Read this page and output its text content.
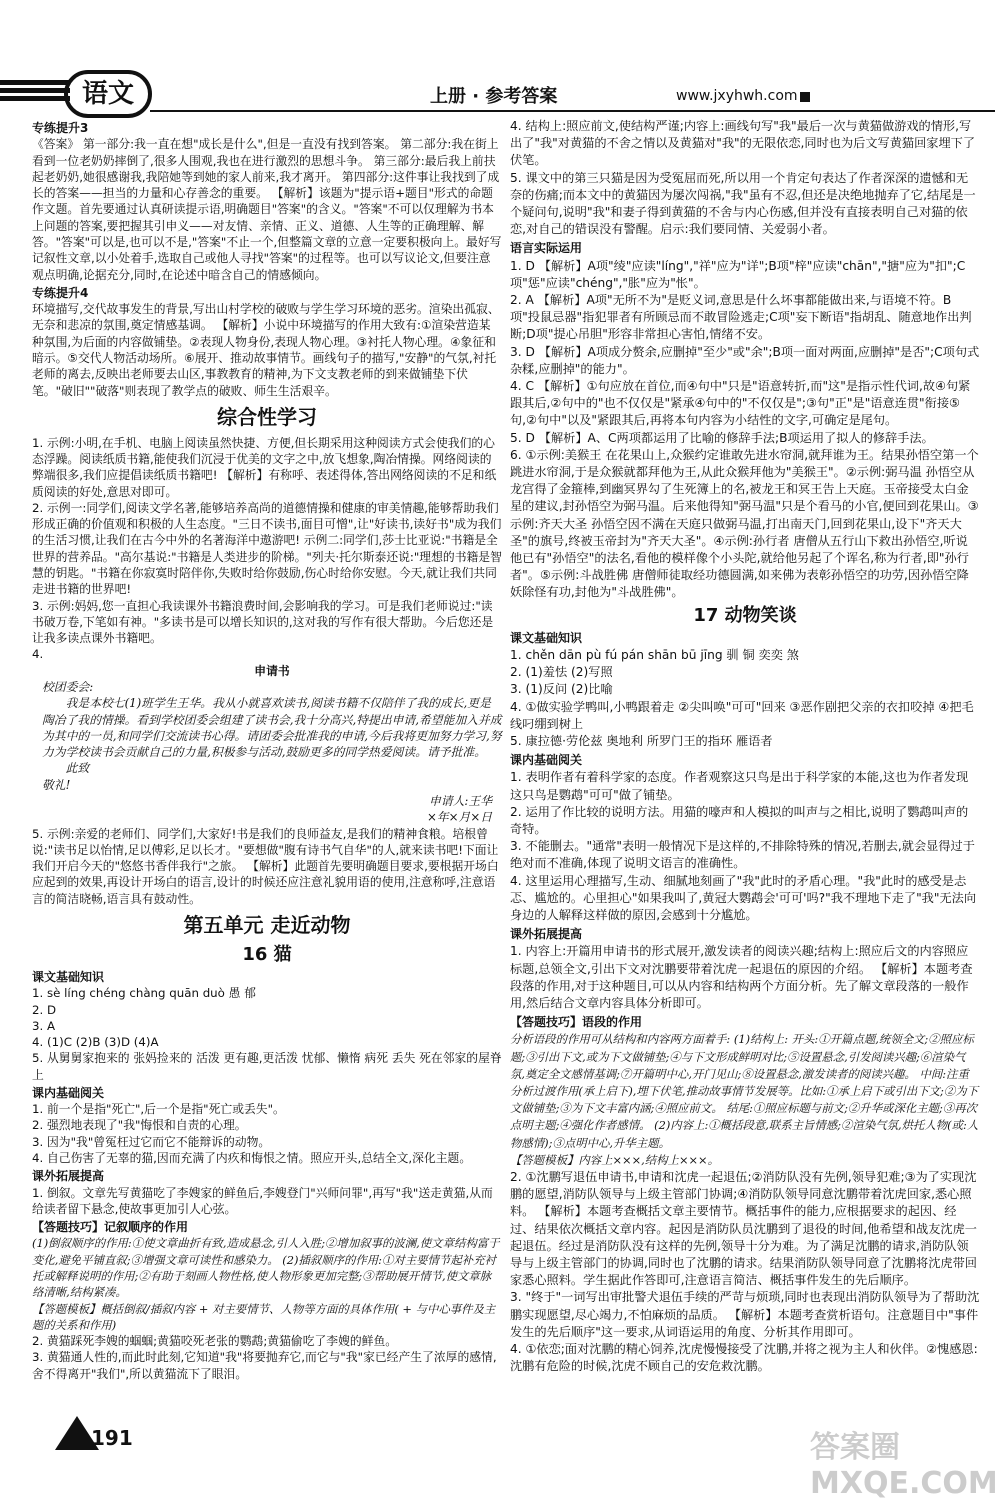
语文	上册 · 参考答案	www.jxyhwh.com

专练提升3

《答案》 第一部分:我一直在想"成长是什么",但是一直没有找到答案。 第二部分:我在街上看到一位老奶奶摔倒了,很多人围观,我也在进行激烈的思想斗争。 第三部分:最后我上前扶起老奶奶,她很感谢我,我陪她等到她的家人前来,我才离开。 第四部分:这件事让我找到了成长的答案——担当的力量和心存善念的重要。 【解析】该题为"提示语+题目"形式的命题作文题。首先要通过认真研读提示语,明确题目"答案"的含义。"答案"不可以仅理解为书本上问题的答案,要把握其引申义——对友情、亲情、正义、道德、人生等的正确理解、解答。"答案"可以是,也可以不是,"答案"不止一个,但整篇文章的立意一定要积极向上。最好写记叙性文章,以小处着手,选取自己或他人寻找"答案"的过程等。也可以写议论文,但要注意观点明确,论据充分,同时,在论述中暗含自己的情感倾向。

专练提升4

环境描写,交代故事发生的背景,写出山村学校的破败与学生学习环境的恶劣。渲染出孤寂、无奈和悲凉的氛围,奠定情感基调。 【解析】小说中环境描写的作用大致有:①渲染营造某种氛围,为后面的内容做铺垫。②表现人物身份,表现人物心理。③衬托人物心理。④象征和暗示。⑤交代人物活动场所。⑥展开、推动故事情节。画线句子的描写,"安静"的气氛,衬托老师的离去,反映出老师要去山区,事教教育的精神,为下文支教老师的到来做铺垫下伏笔。"破旧""破落"则表现了教学点的破败、师生生活艰辛。

综合性学习

1. 示例:小明,在手机、电脑上阅读虽然快捷、方便,但长期采用这种阅读方式会使我们的心态浮躁。阅读纸质书籍,能使我们沉浸于优美的文字之中,放飞想象,陶冶情操。网络阅读的弊端很多,我们应提倡读纸质书籍吧! 【解析】有称呼、表述得体,答出网络阅读的不足和纸质阅读的好处,意思对即可。

2. 示例一:同学们,阅读文学名著,能够培养高尚的道德情操和健康的审美情趣,能够帮助我们形成正确的价值观和积极的人生态度。"三日不读书,面目可憎",让"好读书,读好书"成为我们的生活习惯,让我们在古今中外的名著海洋中遨游吧! 示例二:同学们,莎士比亚说:"书籍是全世界的营养品。"高尔基说:"书籍是人类进步的阶梯。"列夫·托尔斯泰还说:"理想的书籍是智慧的钥匙。"书籍在你寂寞时陪伴你,失败时给你鼓励,伤心时给你安慰。今天,就让我们共同走进书籍的世界吧!

3. 示例:妈妈,您一直担心我读课外书籍浪费时间,会影响我的学习。可是我们老师说过:"读书破万卷,下笔如有神。"多读书是可以增长知识的,这对我的写作有很大帮助。今后您还是让我多读点课外书籍吧。

4.

申请书

校团委会:

我是本校七(1)班学生王华。我从小就喜欢读书,阅读书籍不仅陪伴了我的成长,更是陶冶了我的情操。看到学校团委会组建了读书会,我十分高兴,特提出申请,希望能加入并成为其中的一员,和同学们交流读书心得。请团委会批准我的申请,今后我将更加努力学习,努力为学校读书会贡献自己的力量,积极参与活动,鼓励更多的同学热爱阅读。请予批准。

此致

敬礼!

申请人:王华

×年×月×日

5. 示例:亲爱的老师们、同学们,大家好!书是我们的良师益友,是我们的精神食粮。培根曾说:"读书足以怡情,足以傅彩,足以长才。"要想做"腹有诗书气自华"的人,就来读书吧!下面让我们开启今天的"悠悠书香伴我行"之旅。 【解析】此题首先要明确题目要求,要根据开场白应起到的效果,再设计开场白的语言,设计的时候还应注意礼貌用语的使用,注意称呼,注意语言的简洁晓畅,语言具有鼓动性。

第五单元 走近动物

16 猫

课文基础知识

1. sè líng chéng chàng quān duò 愚 郁

2. D

3. A

4. (1)C (2)B (3)D (4)A

5. 从舅舅家抱来的 张妈捡来的 活泼 更有趣,更活泼 忧郁、懒惰 病死 丢失 死在邻家的屋脊上

课内基础阅关

1. 前一个是指"死亡",后一个是指"死亡或丢失"。

2. 强烈地表现了"我"悔恨和自责的心理。

3. 因为"我"曾冤枉过它而它不能辩诉的动物。

4. 自己伤害了无辜的猫,因而充满了内疚和悔恨之情。照应开头,总结全文,深化主题。

课外拓展提高

1. 倒叙。文章先写黄猫吃了李嫂家的鲜鱼后,李嫂登门"兴师问罪",再写"我"送走黄猫,从而给读者留下悬念,使故事更加引人心弦。

【答题技巧】记叙顺序的作用

(1)倒叙顺序的作用:①使文章曲折有致,造成悬念,引人入胜;②增加叙事的波澜,使文章结构富于变化,避免平铺直叙;③增强文章可读性和感染力。 (2)插叙顺序的作用:①对主要情节起补充衬托或解释说明的作用;②有助于刻画人物性格,使人物形象更加完整;③帮助展开情节,使文章脉络清晰,结构紧凑。

【答题模板】概括倒叙/插叙内容 + 对主要情节、人物等方面的具体作用( + 与中心事件及主题的关系和作用)

2. 黄猫踩死李嫂的蝈蝈;黄猫咬死老张的鹦鹉;黄猫偷吃了李嫂的鲜鱼。

3. 黄猫通人性的,而此时此刻,它知道"我"将要抛弃它,而它与"我"家已经产生了浓厚的感情,舍不得离开"我们",所以黄猫流下了眼泪。

4. 结构上:照应前文,使结构严谨;内容上:画线句写"我"最后一次与黄猫做游戏的情形,写出了"我"对黄猫的不舍之情以及黄猫对"我"的无限依恋,同时也为后文写黄猫回家埋下了伏笔。

5. 课文中的第三只猫是因为受冤屈而死,所以用一个肯定句表达了作者深深的遗憾和无奈的伤痛;而本文中的黄猫因为屡次闯祸,"我"虽有不忍,但还是决绝地抛弃了它,结尾是一个疑问句,说明"我"和妻子得到黄猫的不舍与内心伤感,但并没有直接表明自己对猫的依恋,对自己的错误没有警醒。启示:我们要同情、关爱弱小者。

语言实际运用

1. D 【解析】A项"绫"应读"líng","祥"应为"详";B项"梓"应读"chān","搪"应为"扣";C项"惩"应读"chéng","胀"应为"怅"。

2. A 【解析】A项"无所不为"是贬义词,意思是什么坏事都能做出来,与语境不符。B项"投鼠忌器"指犯罪者有所顾忌而不敢冒险逃走;C项"妄下断语"指胡乱、随意地作出判断;D项"提心吊胆"形容非常担心害怕,情绪不安。

3. D 【解析】A项成分赘余,应删掉"至少"或"余";B项一面对两面,应删掉"是否";C项句式杂糅,应删掉"的能力"。

4. C 【解析】①句应放在首位,而④句中"只是"语意转折,而"这"是指示性代词,故④句紧跟其后,②句中的"也不仅仅是"紧承④句中的"不仅仅是";③句"正"是"语意连贯"衔接⑤句,②句中"以及"紧跟其后,再将本句内容为小结性的文字,可确定是尾句。

5. D 【解析】A、C两项都运用了比喻的修辞手法;B项运用了拟人的修辞手法。

6. ①示例:美猴王 在花果山上,众猴约定谁敢先进水帘洞,就拜谁为王。结果孙悟空第一个跳进水帘洞,于是众猴就都拜他为王,从此众猴拜他为"美猴王"。②示例:弼马温 孙悟空从龙宫得了金箍棒,到幽冥界勾了生死簿上的名,被龙王和冥王告上天庭。玉帝接受太白金星的建议,封孙悟空为弼马温。后来他得知"弼马温"只是个看马的小官,便回到花果山。③示例:齐天大圣 孙悟空因不满在天庭只做弼马温,打出南天门,回到花果山,设下"齐天大圣"的旗号,终被玉帝封为"齐天大圣"。④示例:孙行者 唐僧从五行山下救出孙悟空,听说他已有"孙悟空"的法名,看他的模样像个小头陀,就给他另起了个诨名,称为行者,即"孙行者"。⑤示例:斗战胜佛 唐僧师徒取经功德圆满,如来佛为表彰孙悟空的功劳,因孙悟空降妖除怪有功,封他为"斗战胜佛"。

17 动物笑谈

课文基础知识

1. chěn dān pù fú pán shān bū jīng 驯 铜 奕奕 煞

2. (1)羞怯 (2)写照

3. (1)反问 (2)比喻

4. ①做实验学鸭叫,小鸭跟着走 ②尖叫唤"可可"回来 ③恶作剧把父亲的衣扣咬掉 ④把毛线叼绷到树上

5. 康拉德·劳伦兹 奥地利 所罗门王的指环 雁语者

课内基础阅关

1. 表明作者有着科学家的态度。作者观察这只鸟是出于科学家的本能,这也为作者发现这只鸟是鹦鹉"可可"做了铺垫。

2. 运用了作比较的说明方法。用猫的嚎声和人模拟的叫声与之相比,说明了鹦鹉叫声的奇特。

3. 不能删去。"通常"表明一般情况下是这样的,不排除特殊的情况,若删去,就会显得过于绝对而不准确,体现了说明文语言的准确性。

4. 这里运用心理描写,生动、细腻地刻画了"我"此时的矛盾心理。"我"此时的感受是忐忑、尴尬的。心里担心"如果我叫了,黄冠大鹦鹉会'可可'吗?"我不理地下走了"我"无法向身边的人解释这样做的原因,会感到十分尴尬。

课外拓展提高

1. 内容上:开篇用申请书的形式展开,激发读者的阅读兴趣;结构上:照应后文的内容照应标题,总领全文,引出下文对沈鹏要带着沈虎一起退伍的原因的介绍。 【解析】本题考查段落的作用,对于这种题目,可以从内容和结构两个方面分析。先了解文章段落的一般作用,然后结合文章内容具体分析即可。

【答题技巧】语段的作用

分析语段的作用可从结构和内容两方面着手: (1)结构上: 开头:①开篇点题,统领全文;②照应标题;③引出下文,或为下文做铺垫;④与下文形成鲜明对比;⑤设置悬念,引发阅读兴趣;⑥渲染气氛,奠定全文感情基调;⑦开篇明中心,开门见山;⑧设置悬念,激发读者的阅读兴趣。 中间:注重分析过渡作用(承上启下),埋下伏笔,推动故事情节发展等。比如:①承上启下或引出下文;②为下文做铺垫;③为下文丰富内涵;④照应前文。 结尾:①照应标题与前文;②升华或深化主题;③再次点明主题;④强化作者感情。 (2)内容上:①概括段意,联系主旨情感;②渲染气氛,烘托人物(或:人物感情);③点明中心,升华主题。

【答题模板】内容上×××,结构上×××。

2. ①沈鹏写退伍申请书,申请和沈虎一起退伍;②消防队没有先例,领导犯难;③为了实现沈鹏的愿望,消防队领导与上级主管部门协调;④消防队领导同意沈鹏带着沈虎回家,悉心照料。 【解析】本题考查概括文章主要情节。概括事件的能力,应根据要求的起因、经过、结果依次概括文章内容。起因是消防队员沈鹏到了退役的时间,他希望和战友沈虎一起退伍。经过是消防队没有这样的先例,领导十分为难。为了满足沈鹏的请求,消防队领导与上级主管部门的协调,同时也了沈鹏的请求。结果消防队领导同意了沈鹏将沈虎带回家悉心照料。学生据此作答即可,注意语言简洁、概括事件发生的先后顺序。

3. "终于"一词写出审批警犬退伍手续的严苛与烦琐,同时也表现出消防队领导为了帮助沈鹏实现愿望,尽心竭力,不怕麻烦的品质。 【解析】本题考查赏析语句。注意题目中"事件发生的先后顺序"这一要求,从词语运用的角度、分析其作用即可。

4. ①依恋;面对沈鹏的精心饲养,沈虎慢慢接受了沈鹏,并将之视为主人和伙伴。②愧感恩:沈鹏有危险的时候,沈虎不顾自己的安危救沈鹏。

191	答案圈 MXQE.COM
